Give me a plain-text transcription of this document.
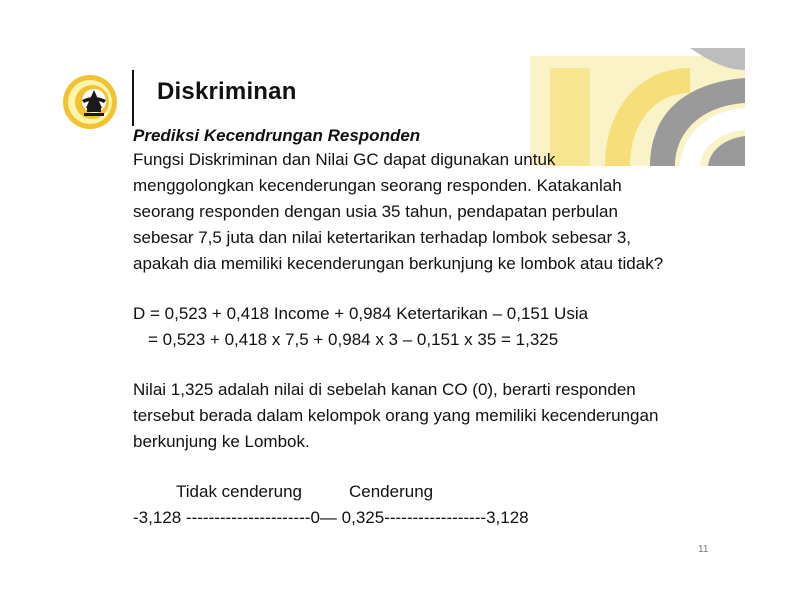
Diskriminan
Prediksi Kecendrungan Responden
Fungsi Diskriminan dan Nilai GC dapat digunakan untuk
menggolongkan kecenderungan seorang responden. Katakanlah
seorang responden dengan usia 35 tahun, pendapatan perbulan
sebesar 7,5 juta dan nilai ketertarikan terhadap lombok sebesar 3,
apakah dia memiliki kecenderungan berkunjung ke lombok atau tidak?
D = 0,523 + 0,418 Income + 0,984 Ketertarikan – 0,151 Usia
= 0,523 + 0,418 x 7,5 + 0,984 x 3 – 0,151 x 35 = 1,325
Nilai 1,325 adalah nilai di sebelah kanan CO (0), berarti responden
tersebut berada dalam kelompok orang yang memiliki kecenderungan
berkunjung ke Lombok.
Tidak cenderung	Cenderung
-3,128 ----------------------0— 0,325------------------3,128
11
